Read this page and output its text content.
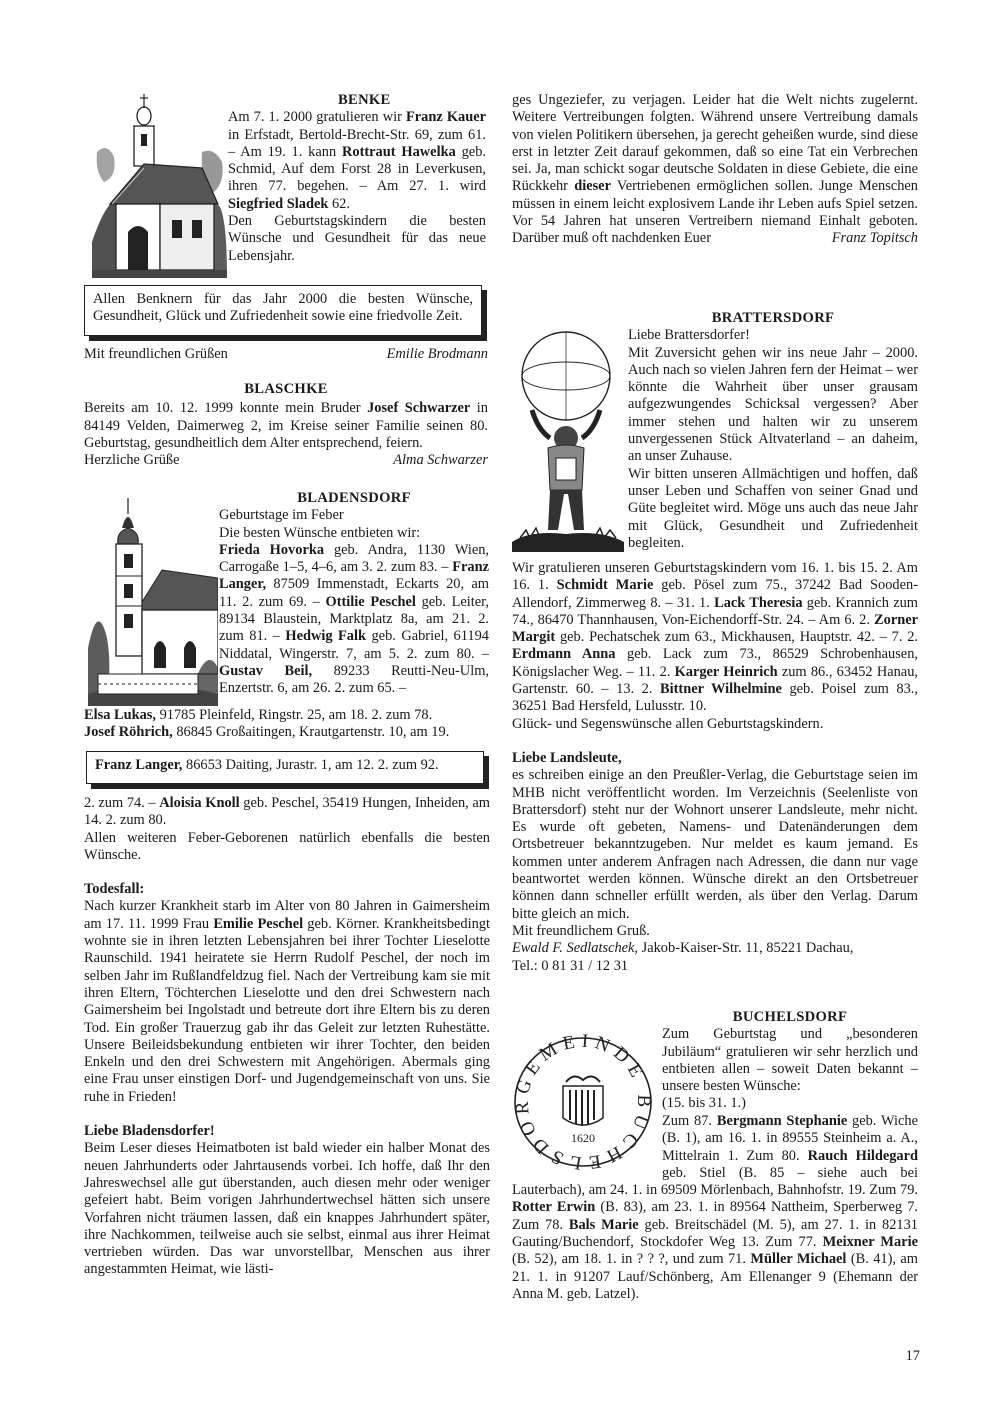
BENKE

Am 7. 1. 2000 gratulieren wir Franz Kauer in Erfstadt, Bertold-Brecht-Str. 69, zum 61. – Am 19. 1. kann Rottraut Hawelka geb. Schmid, Auf dem Forst 28 in Leverkusen, ihren 77. begehen. – Am 27. 1. wird Siegfried Sladek 62.

Den Geburtstagskindern die besten Wünsche und Gesundheit für das neue Lebensjahr.

Allen Benknern für das Jahr 2000 die besten Wünsche, Gesundheit, Glück und Zufriedenheit sowie eine friedvolle Zeit.
Mit freundlichen Grüßen	Emilie Brodmann

BLASCHKE

Bereits am 10. 12. 1999 konnte mein Bruder Josef Schwarzer in 84149 Velden, Daimerweg 2, im Kreise seiner Familie seinen 80. Geburtstag, gesundheitlich dem Alter entsprechend, feiern.

Herzliche Grüße	Alma Schwarzer

BLADENSDORF

Geburtstage im Feber

Die besten Wünsche entbieten wir:

Frieda Hovorka geb. Andra, 1130 Wien, Carrogaße 1–5, 4–6, am 3. 2. zum 83. – Franz Langer, 87509 Immenstadt, Eckarts 20, am 11. 2. zum 69. – Ottilie Peschel geb. Leiter, 89134 Blaustein, Marktplatz 8a, am 21. 2. zum 81. – Hedwig Falk geb. Gabriel, 61194 Niddatal, Wingerstr. 7, am 5. 2. zum 80. – Gustav Beil, 89233 Reutti-Neu-Ulm, Enzertstr. 6, am 26. 2. zum 65. –

Elsa Lukas, 91785 Pleinfeld, Ringstr. 25, am 18. 2. zum 78.

Josef Röhrich, 86845 Großaitingen, Krautgartenstr. 10, am 19.

Franz Langer, 86653 Daiting, Jurastr. 1, am 12. 2. zum 92.

2. zum 74. – Aloisia Knoll geb. Peschel, 35419 Hungen, Inheiden, am 14. 2. zum 80.

Allen weiteren Feber-Geborenen natürlich ebenfalls die besten Wünsche.

Todesfall:

Nach kurzer Krankheit starb im Alter von 80 Jahren in Gaimersheim am 17. 11. 1999 Frau Emilie Peschel geb. Körner. Krankheitsbedingt wohnte sie in ihren letzten Lebensjahren bei ihrer Tochter Lieselotte Raunschild. 1941 heiratete sie Herrn Rudolf Peschel, der noch im selben Jahr im Rußlandfeldzug fiel. Nach der Vertreibung kam sie mit ihren Eltern, Töchterchen Lieselotte und den drei Schwestern nach Gaimersheim bei Ingolstadt und betreute dort ihre Eltern bis zu deren Tod. Ein großer Trauerzug gab ihr das Geleit zur letzten Ruhestätte. Unsere Beileidsbekundung entbieten wir ihrer Tochter, den beiden Enkeln und den drei Schwestern mit Angehörigen. Abermals ging eine Frau unser einstigen Dorf- und Jugendgemeinschaft von uns. Sie ruhe in Frieden!

Liebe Bladensdorfer!

Beim Leser dieses Heimatboten ist bald wieder ein halber Monat des neuen Jahrhunderts oder Jahrtausends vorbei. Ich hoffe, daß Ihr den Jahreswechsel alle gut überstanden, auch diesen mehr oder weniger gefeiert habt. Beim vorigen Jahrhundertwechsel hätten sich unsere Vorfahren nicht träumen lassen, daß ein knappes Jahrhundert später, ihre Nachkommen, teilweise auch sie selbst, einmal aus ihrer Heimat vertrieben würden. Das war unvorstellbar, Menschen aus ihrer angestammten Heimat, wie lästi-

ges Ungeziefer, zu verjagen. Leider hat die Welt nichts zugelernt. Weitere Vertreibungen folgten. Während unsere Vertreibung damals von vielen Politikern übersehen, ja gerecht geheißen wurde, sind diese erst in letzter Zeit darauf gekommen, daß so eine Tat ein Verbrechen sei. Ja, man schickt sogar deutsche Soldaten in diese Gebiete, die eine Rückkehr dieser Vertriebenen ermöglichen sollen. Junge Menschen müssen in einem leicht explosivem Lande ihr Leben aufs Spiel setzen. Vor 54 Jahren hat unseren Vertreibern niemand Einhalt geboten. Darüber muß oft nachdenken Euer	Franz Topitsch

BRATTERSDORF

Liebe Brattersdorfer!

Mit Zuversicht gehen wir ins neue Jahr – 2000. Auch nach so vielen Jahren fern der Heimat – wer könnte die Wahrheit über unser grausam aufgezwungendes Schicksal vergessen? Aber immer stehen und halten wir zu unserem unvergessenen Stück Altvaterland – an daheim, an unser Zuhause.

Wir bitten unseren Allmächtigen und hoffen, daß unser Leben und Schaffen von seiner Gnad und Güte begleitet wird. Möge uns auch das neue Jahr mit Glück, Gesundheit und Zufriedenheit begleiten.

Wir gratulieren unseren Geburtstagskindern vom 16. 1. bis 15. 2. Am 16. 1. Schmidt Marie geb. Pösel zum 75., 37242 Bad Sooden-Allendorf, Zimmerweg 8. – 31. 1. Lack Theresia geb. Krannich zum 74., 86470 Thannhausen, Von-Eichendorff-Str. 24. – Am 6. 2. Zorner Margit geb. Pechatschek zum 63., Mickhausen, Hauptstr. 42. – 7. 2. Erdmann Anna geb. Lack zum 73., 86529 Schrobenhausen, Königslacher Weg. – 11. 2. Karger Heinrich zum 86., 63452 Hanau, Gartenstr. 60. – 13. 2. Bittner Wilhelmine geb. Poisel zum 83., 36251 Bad Hersfeld, Lulusstr. 10.

Glück- und Segenswünsche allen Geburtstagskindern.

Liebe Landsleute,

es schreiben einige an den Preußler-Verlag, die Geburtstage seien im MHB nicht veröffentlicht worden. Im Verzeichnis (Seelenliste von Brattersdorf) steht nur der Wohnort unserer Landsleute, mehr nicht. Es wurde oft gebeten, Namens- und Datenänderungen dem Ortsbetreuer bekanntzugeben. Nur meldet es kaum jemand. Es kommen unter anderem Anfragen nach Adressen, die dann nur vage beantwortet werden können. Wünsche direkt an den Ortsbetreuer können dann schneller erfüllt werden, als über den Verlag. Darum bitte gleich an mich.

Mit freundlichem Gruß.

Ewald F. Sedlatschek, Jakob-Kaiser-Str. 11, 85221 Dachau,

Tel.: 0 81 31 / 12 31

GEMEINDE BUCHELSDOR
1620

BUCHELSDORF

Zum Geburtstag und „besonderen Jubiläum“ gratulieren wir sehr herzlich und entbieten allen – soweit Daten bekannt – unsere besten Wünsche:

(15. bis 31. 1.)

Zum 87. Bergmann Stephanie geb. Wiche (B. 1), am 16. 1. in 89555 Steinheim a. A., Mittelrain 1. Zum 80. Rauch Hildegard geb. Stiel (B. 85 – siehe auch bei Lauterbach), am 24. 1. in 69509 Mörlenbach, Bahnhofstr. 19. Zum 79. Rotter Erwin (B. 83), am 23. 1. in 89564 Nattheim, Sperberweg 7. Zum 78. Bals Marie geb. Breitschädel (M. 5), am 27. 1. in 82131 Gauting/Buchendorf, Stockdofer Weg 13. Zum 77. Meixner Marie (B. 52), am 18. 1. in ? ? ?, und zum 71. Müller Michael (B. 41), am 21. 1. in 91207 Lauf/Schönberg, Am Ellenanger 9 (Ehemann der Anna M. geb. Latzel).

17
